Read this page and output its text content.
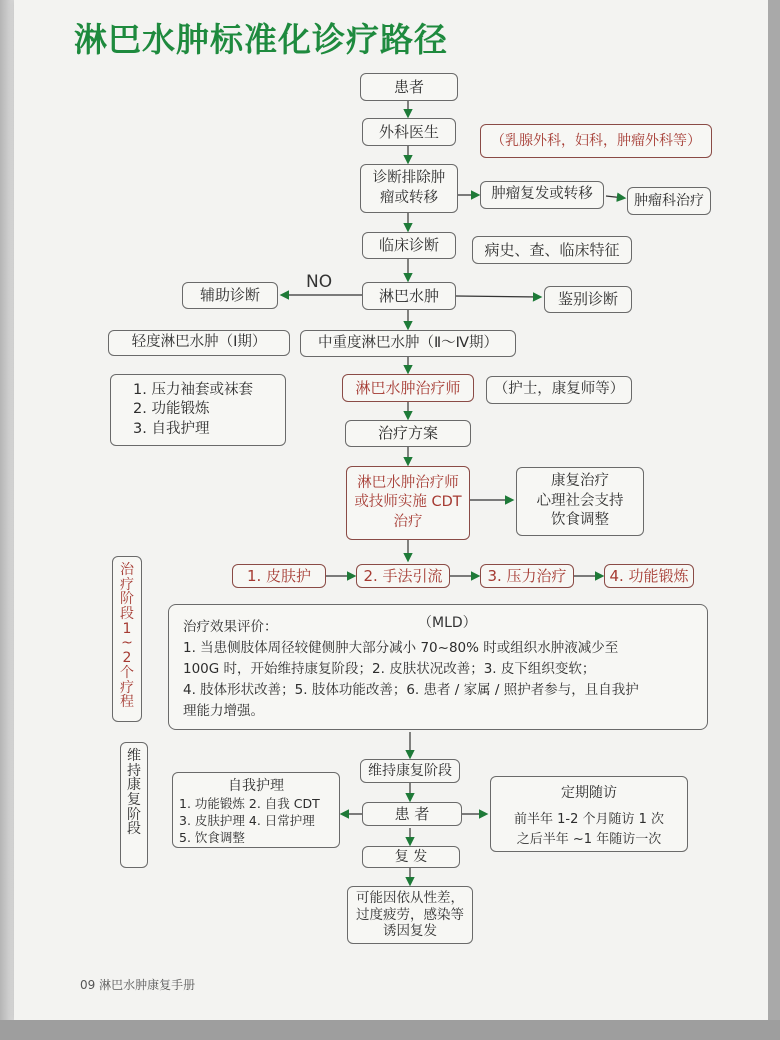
淋巴水肿标准化诊疗路径
患者
外科医生	（乳腺外科，妇科，肿瘤外科等）
诊断排除肿
瘤或转移	肿瘤复发或转移	肿瘤科治疗
临床诊断	病史、查、临床特征
NO
辅助诊断	淋巴水肿	鉴别诊断
轻度淋巴水肿（Ⅰ期）	中重度淋巴水肿（Ⅱ～Ⅳ期）
1. 压力袖套或袜套
2. 功能锻炼
3. 自我护理
淋巴水肿治疗师	（护士，康复师等）
治疗方案
淋巴水肿治疗师
或技师实施 CDT
治疗
康复治疗
心理社会支持
饮食调整
治疗阶段1~2个疗程
1. 皮肤护	2. 手法引流	3. 压力治疗	4. 功能锻炼
治疗效果评价：
1. 当患侧肢体周径较健侧肿大部分减小 70~80% 时或组织水肿液减少至
100G 时，开始维持康复阶段；2. 皮肤状况改善；3. 皮下组织变软；
4. 肢体形状改善；5. 肢体功能改善；6. 患者 / 家属 / 照护者参与，且自我护
理能力增强。
（MLD）
维持康复阶段
维持康复阶段
自我护理
1. 功能锻炼 2. 自我 CDT
3. 皮肤护理 4. 日常护理
5. 饮食调整
患 者
定期随访
前半年 1-2 个月随访 1 次
之后半年 ~1 年随访一次
复 发
可能因依从性差，
过度疲劳，感染等
诱因复发
09 淋巴水肿康复手册
